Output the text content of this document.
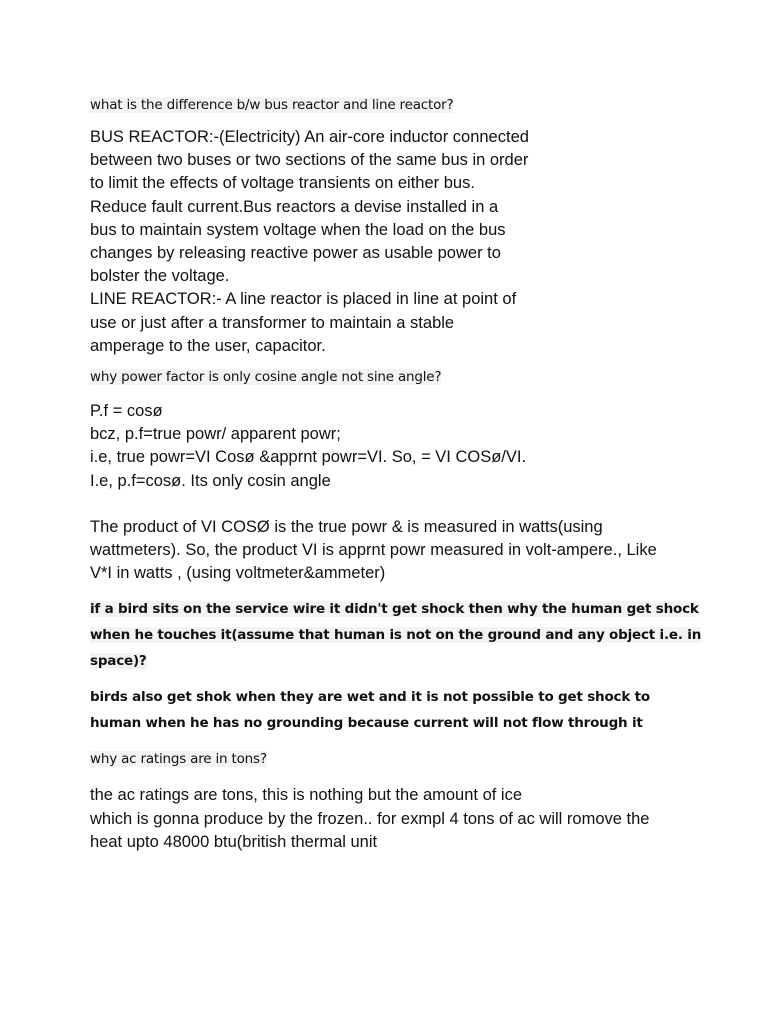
what is the difference b/w bus reactor and line reactor?

BUS REACTOR:-(Electricity) An air-core inductor connected
between two buses or two sections of the same bus in order
to limit the effects of voltage transients on either bus.
Reduce fault current.Bus reactors a devise installed in a
bus to maintain system voltage when the load on the bus
changes by releasing reactive power as usable power to
bolster the voltage.
LINE REACTOR:- A line reactor is placed in line at point of
use or just after a transformer to maintain a stable
amperage to the user, capacitor.

why power factor is only cosine angle not sine angle?

P.f = cosø
bcz, p.f=true powr/ apparent powr;
i.e, true powr=VI Cosø &apprnt powr=VI. So, = VI COSø/VI.
I.e, p.f=cosø. Its only cosin angle
The product of VI COSØ is the true powr & is measured in watts(using
wattmeters). So, the product VI is apprnt powr measured in volt-ampere., Like
V*I in watts , (using voltmeter&ammeter)
if a bird sits on the service wire it didn't get shock then why the human get shock
when he touches it(assume that human is not on the ground and any object i.e. in
space)?
birds also get shok when they are wet and it is not possible to get shock to
human when he has no grounding because current will not flow through it

why ac ratings are in tons?

the ac ratings are tons, this is nothing but the amount of ice
which is gonna produce by the frozen.. for exmpl 4 tons of ac will romove the
heat upto 48000 btu(british thermal unit
